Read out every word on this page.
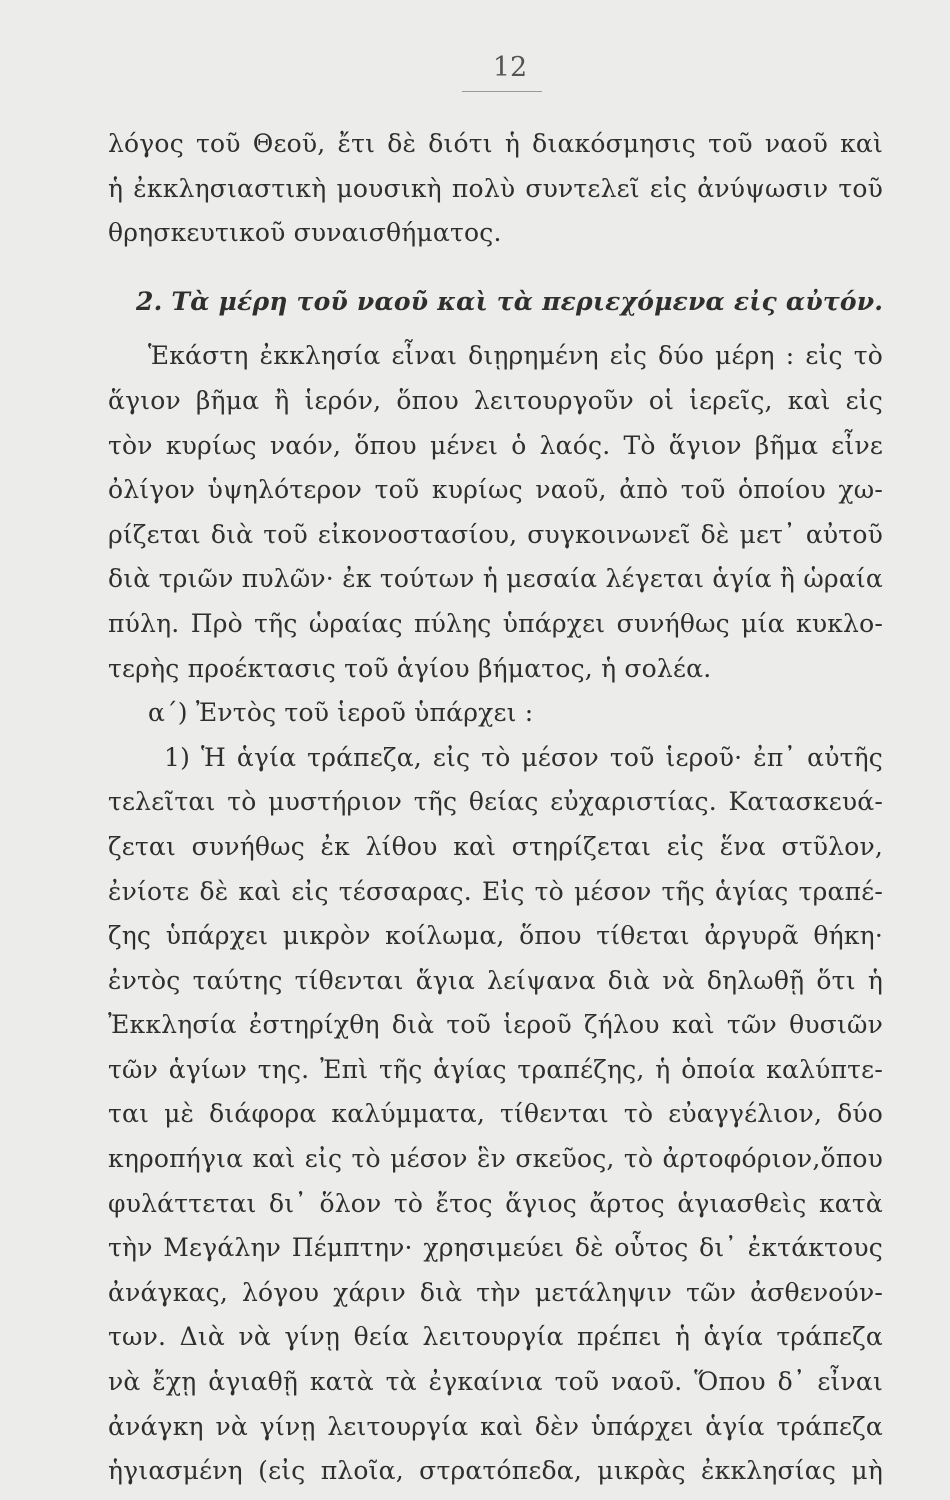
12
λόγος τοῦ Θεοῦ, ἔτι δὲ διότι ἡ διακόσμησις τοῦ ναοῦ καὶ
ἡ ἐκκλησιαστικὴ μουσικὴ πολὺ συντελεῖ εἰς ἀνύψωσιν τοῦ
θρησκευτικοῦ συναισθήματος.
2. Τὰ μέρη τοῦ ναοῦ καὶ τὰ περιεχόμενα εἰς αὐτόν.
Ἑκάστη ἐκκλησία εἶναι διῃρημένη εἰς δύο μέρη : εἰς τὸ
ἅγιον βῆμα ἢ ἱερόν, ὅπου λειτουργοῦν οἱ ἱερεῖς, καὶ εἰς
τὸν κυρίως ναόν, ὅπου μένει ὁ λαός. Τὸ ἅγιον βῆμα εἶνε
ὀλίγον ὑψηλότερον τοῦ κυρίως ναοῦ, ἀπὸ τοῦ ὁποίου χω-
ρίζεται διὰ τοῦ εἰκονοστασίου, συγκοινωνεῖ δὲ μετ᾽ αὐτοῦ
διὰ τριῶν πυλῶν· ἐκ τούτων ἡ μεσαία λέγεται ἁγία ἢ ὡραία
πύλη. Πρὸ τῆς ὡραίας πύλης ὑπάρχει συνήθως μία κυκλο-
τερὴς προέκτασις τοῦ ἁγίου βήματος, ἡ σολέα.
α΄) Ἐντὸς τοῦ ἱεροῦ ὑπάρχει :
1) Ἡ ἁγία τράπεζα, εἰς τὸ μέσον τοῦ ἱεροῦ· ἐπ᾽ αὐτῆς
τελεῖται τὸ μυστήριον τῆς θείας εὐχαριστίας. Κατασκευά-
ζεται συνήθως ἐκ λίθου καὶ στηρίζεται εἰς ἕνα στῦλον,
ἐνίοτε δὲ καὶ εἰς τέσσαρας. Εἰς τὸ μέσον τῆς ἁγίας τραπέ-
ζης ὑπάρχει μικρὸν κοίλωμα, ὅπου τίθεται ἀργυρᾶ θήκη·
ἐντὸς ταύτης τίθενται ἅγια λείψανα διὰ νὰ δηλωθῇ ὅτι ἡ
Ἐκκλησία ἐστηρίχθη διὰ τοῦ ἱεροῦ ζήλου καὶ τῶν θυσιῶν
τῶν ἁγίων της. Ἐπὶ τῆς ἁγίας τραπέζης, ἡ ὁποία καλύπτε-
ται μὲ διάφορα καλύμματα, τίθενται τὸ εὐαγγέλιον, δύο
κηροπήγια καὶ εἰς τὸ μέσον ἓν σκεῦος, τὸ ἀρτοφόριον,ὅπου
φυλάττεται δι᾽ ὅλον τὸ ἔτος ἅγιος ἄρτος ἁγιασθεὶς κατὰ
τὴν Μεγάλην Πέμπτην· χρησιμεύει δὲ οὗτος δι᾽ ἐκτάκτους
ἀνάγκας, λόγου χάριν διὰ τὴν μετάληψιν τῶν ἀσθενούν-
των. Διὰ νὰ γίνῃ θεία λειτουργία πρέπει ἡ ἁγία τράπεζα
νὰ ἔχῃ ἁγιαθῇ κατὰ τὰ ἐγκαίνια τοῦ ναοῦ. Ὅπου δ᾽ εἶναι
ἀνάγκη νὰ γίνῃ λειτουργία καὶ δὲν ὑπάρχει ἁγία τράπεζα
ἡγιασμένη (εἰς πλοῖα, στρατόπεδα, μικρὰς ἐκκλησίας μὴ
